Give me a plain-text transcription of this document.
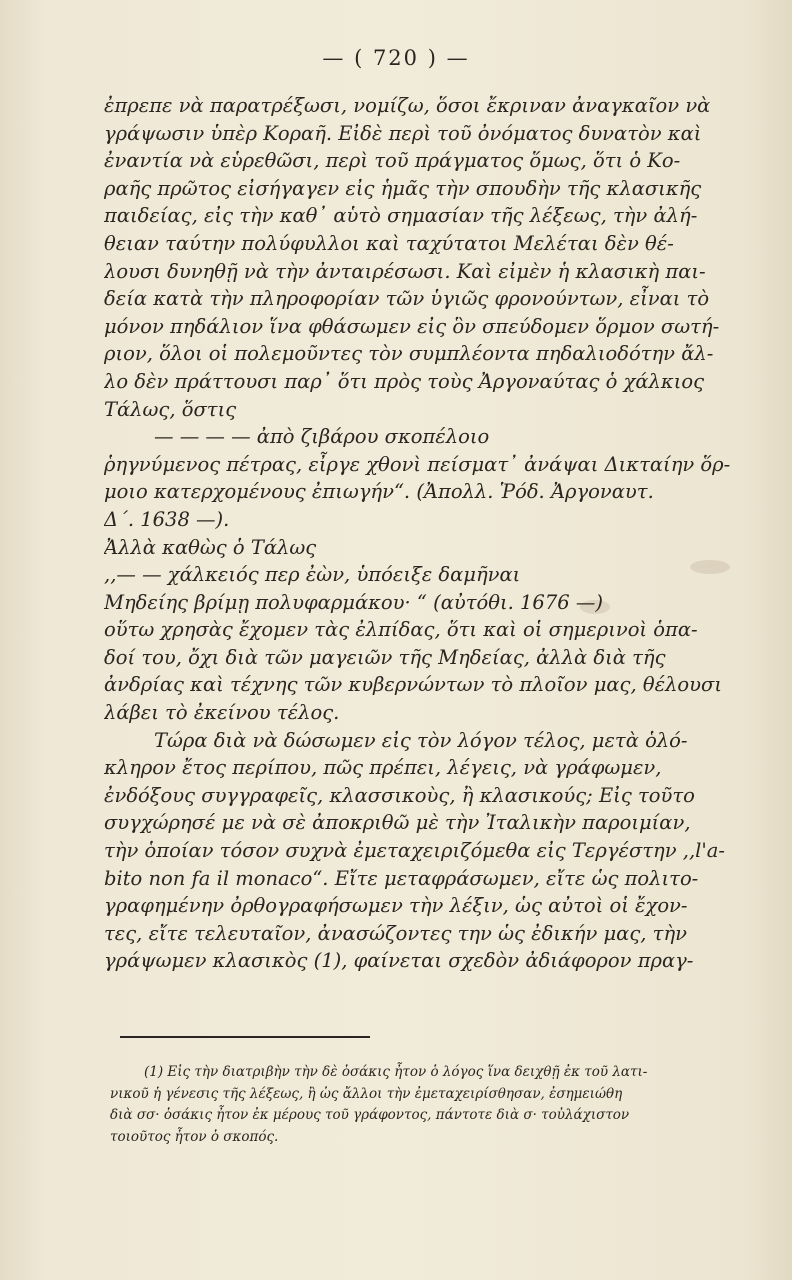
— ( 720 ) —
ἐπρεπε νὰ παρατρέξωσι, νομίζω, ὅσοι ἔκριναν ἀναγκαῖον νὰ
γράψωσιν ὑπὲρ Κοραῆ. Εἰδὲ περὶ τοῦ ὀνόματος δυνατὸν καὶ
ἐναντία νὰ εὑρεθῶσι, περὶ τοῦ πράγματος ὅμως, ὅτι ὁ Κο-
ραῆς πρῶτος εἰσήγαγεν εἰς ἡμᾶς τὴν σπουδὴν τῆς κλασικῆς
παιδείας, εἰς τὴν καθ᾽ αὑτὸ σημασίαν τῆς λέξεως, τὴν ἀλή-
θειαν ταύτην πολύφυλλοι καὶ ταχύτατοι Μελέται δὲν θέ-
λουσι δυνηθῇ νὰ τὴν ἀνταιρέσωσι. Καὶ εἰμὲν ἡ κλασικὴ παι-
δεία κατὰ τὴν πληροφορίαν τῶν ὑγιῶς φρονούντων, εἶναι τὸ
μόνον πηδάλιον ἵνα φθάσωμεν εἰς ὃν σπεύδομεν ὅρμον σωτή-
ριον, ὅλοι οἱ πολεμοῦντες τὸν συμπλέοντα πηδαλιοδότην ἄλ-
λο δὲν πράττουσι παρ᾽ ὅτι πρὸς τοὺς Ἀργοναύτας ὁ χάλκιος
Τάλως, ὅστις
— — — — ἀπὸ ζιβάρου σκοπέλοιο
ῥηγνύμενος πέτρας, εἶργε χθονὶ πείσματ᾽ ἀνάψαι Δικταίην ὅρ-
μοιο κατερχομένους ἐπιωγήν“. (Ἀπολλ. Ῥόδ. Ἀργοναυτ.
Δ΄. 1638 —).
Ἀλλὰ καθὼς ὁ Τάλως
,,— — χάλκειός περ ἐὼν, ὑπόειξε δαμῆναι
Μηδείης βρίμῃ πολυφαρμάκου· “ (αὐτόθι. 1676 —)
οὕτω χρησὰς ἔχομεν τὰς ἐλπίδας, ὅτι καὶ οἱ σημερινοὶ ὁπα-
δοί του, ὄχι διὰ τῶν μαγειῶν τῆς Μηδείας, ἀλλὰ διὰ τῆς
ἀνδρίας καὶ τέχνης τῶν κυβερνώντων τὸ πλοῖον μας, θέλουσι
λάβει τὸ ἐκείνου τέλος.
Τώρα διὰ νὰ δώσωμεν εἰς τὸν λόγον τέλος, μετὰ ὁλό-
κληρον ἔτος περίπου, πῶς πρέπει, λέγεις, νὰ γράφωμεν,
ἐνδόξους συγγραφεῖς, κλασσικοὺς, ἢ κλασικούς; Εἰς τοῦτο
συγχώρησέ με νὰ σὲ ἀποκριθῶ μὲ τὴν Ἰταλικὴν παροιμίαν,
τὴν ὁποίαν τόσον συχνὰ ἐμεταχειριζόμεθα εἰς Τεργέστην ,,l'a-
bito non fa il monaco“. Εἴτε μεταφράσωμεν, εἴτε ὡς πολιτο-
γραφημένην ὀρθογραφήσωμεν τὴν λέξιν, ὡς αὐτοὶ οἱ ἔχον-
τες, εἴτε τελευταῖον, ἀνασώζοντες την ὡς ἐδικήν μας, τὴν
γράψωμεν κλασικὸς (1), φαίνεται σχεδὸν ἀδιάφορον πραγ-
(1) Εἰς τὴν διατριβὴν τὴν δὲ ὁσάκις ἦτον ὁ λόγος ἵνα δειχθῇ ἐκ τοῦ λατι-
νικοῦ ἡ γένεσις τῆς λέξεως, ἢ ὡς ἄλλοι τὴν ἐμεταχειρίσθησαν, ἐσημειώθη
διὰ σσ· ὁσάκις ἦτον ἐκ μέρους τοῦ γράφοντος, πάντοτε διὰ σ· τοὐλάχιστον
τοιοῦτος ἦτον ὁ σκοπός.
